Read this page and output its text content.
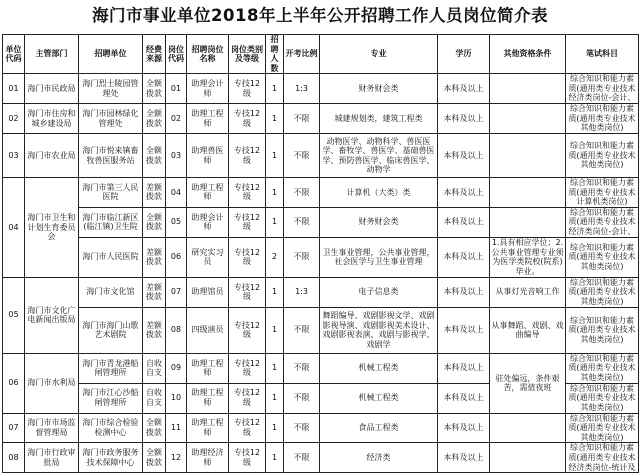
海门市事业单位2018年上半年公开招聘工作人员岗位简介表
单位代码	主管部门	招聘单位	经费来源	岗位代码	招聘岗位名称	岗位类别及等级	招聘人数	开考比例	专业	学历	其他资格条件	笔试科目
01	海门市民政局	海门烈士陵园管理处	全额拨款	01	助理会计师	专技12级	1	1:3	财务财会类	本科及以上		综合知识和能力素质(通用类专业技术经济类岗位-会计、

02	海门市住房和城乡建设局	海门市园林绿化管理处	全额拨款	02	助理工程师	专技12级	1	不限	城建规划类，建筑工程类	本科及以上		综合知识和能力素质(通用类专业技术其他类岗位)

03	海门市农业局	海门市悦来镇畜牧兽医服务站	全额拨款	03	助理兽医师	专技12级	1	不限	动物医学、动物科学、兽医医学、畜牧学、兽医学、基础兽医学、预防兽医学、临床兽医学、动物学	本科及以上		综合知识和能力素质(通用类专业技术其他类岗位)

04	海门市卫生和计划生育委员会	海门市第三人民医院	差额拨款	04	助理工程师	专技12级	1	不限	计算机（大类）类	本科及以上		综合知识和能力素质(通用类专业技术计算机类岗位)

		海门市临江新区(临江镇)卫生院	全额拨款	05	助理会计师	专技12级	1	不限	财务财会类	本科及以上		综合知识和能力素质(通用类专业技术经济类岗位-会计、

		海门市人民医院	差额拨款	06	研究实习员	专技12级	2	不限	卫生事业管理，公共事业管理，社会医学与卫生事业管理	本科及以上	1.具有相应学位；2.公共事业管理专业须为医学类院校(院系)毕业。	综合知识和能力素质(通用类专业技术其他类岗位)

05	海门市文化广电新闻出版局	海门市文化馆	差额拨款	07	助理馆员	专技12级	1	1:3	电子信息类	本科及以上	从事灯光音响工作	综合知识和能力素质(通用类专业技术其他类岗位)

		海门市海门山歌艺术剧院	差额拨款	08	四级演员	专技12级	1	不限	舞蹈编导、戏剧影视文学、戏剧影视导演、戏剧影视美术设计、戏剧影视表演、戏剧与影视学、戏剧学	本科及以上	从事舞蹈、戏剧、戏曲编导	综合知识和能力素质(通用类专业技术其他类岗位)

06	海门市水利局	海门市青龙港船闸管理所	自收自支	09	助理工程师	专技12级	1	不限	机械工程类	本科及以上	驻处偏远，条件艰苦，需值夜班	综合知识和能力素质(通用类专业技术其他类岗位)

		海门市江心沙船闸管理所	自收自支	10	助理工程师	专技12级	1	不限	机械工程类	本科及以上		综合知识和能力素质(通用类专业技术其他类岗位)

07	海门市市场监督管理局	海门市综合检验检测中心	全额拨款	11	助理工程师	专技12级	1	不限	食品工程类	本科及以上		综合知识和能力素质(通用类专业技术其他类岗位)

08	海门市行政审批局	海门市政务服务技术保障中心	全额拨款	12	助理经济师	专技12级	1	不限	经济类	本科及以上		综合知识和能力素质(通用类专业技术经济类岗位-统计及
